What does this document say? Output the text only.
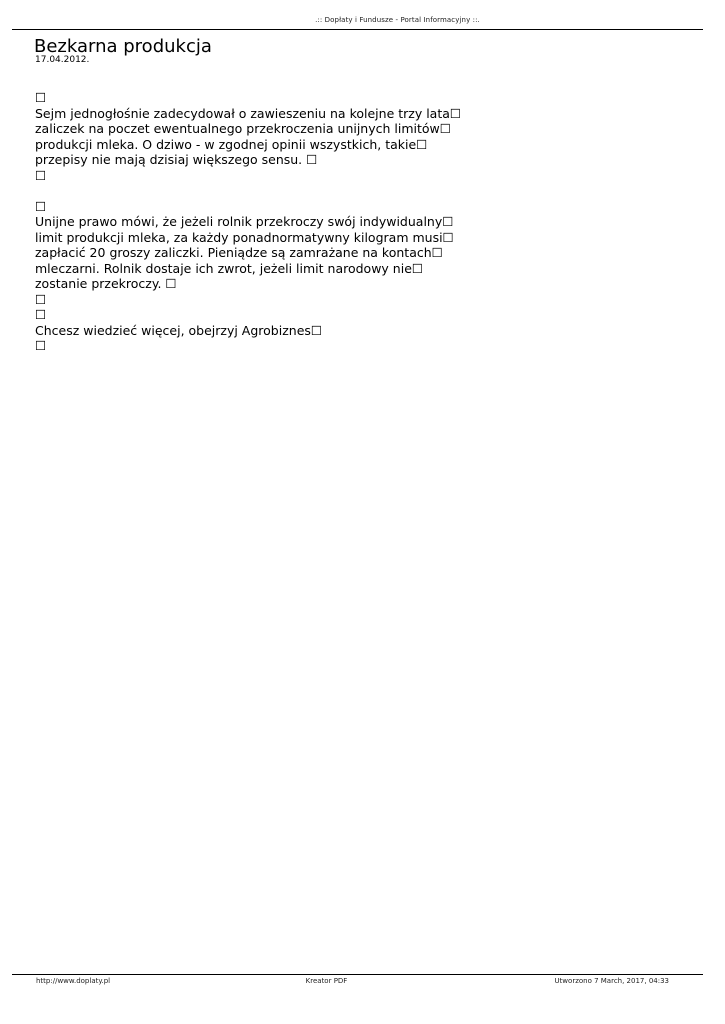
.:: Dopłaty i Fundusze - Portal Informacyjny ::.
Bezkarna produkcja
17.04.2012.
☐
Sejm jednogłośnie zadecydował o zawieszeniu na kolejne trzy lata☐
zaliczek na poczet ewentualnego przekroczenia unijnych limitów☐
produkcji mleka. O dziwo - w zgodnej opinii wszystkich, takie☐
przepisy nie mają dzisiaj większego sensu. ☐
☐
☐
Unijne prawo mówi, że jeżeli rolnik przekroczy swój indywidualny☐
limit produkcji mleka, za każdy ponadnormatywny kilogram musi☐
zapłacić 20 groszy zaliczki. Pieniądze są zamrażane na kontach☐
mleczarni. Rolnik dostaje ich zwrot, jeżeli limit narodowy nie☐
zostanie przekroczy. ☐
☐
☐
Chcesz wiedzieć więcej, obejrzyj Agrobiznes☐
☐
http://www.doplaty.pl	Kreator PDF	Utworzono 7 March, 2017, 04:33
